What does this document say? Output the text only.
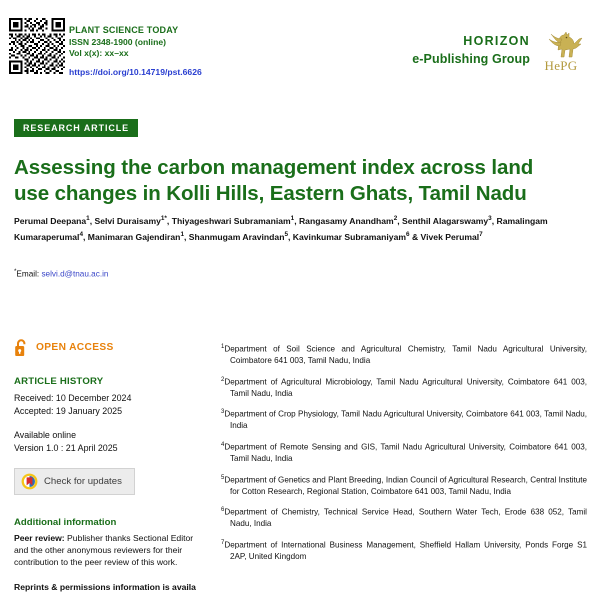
PLANT SCIENCE TODAY
ISSN 2348-1900 (online)
Vol x(x): xx–xx
https://doi.org/10.14719/pst.6626
HORIZON
e-Publishing Group	HePG
RESEARCH ARTICLE
Assessing the carbon management index across land use changes in Kolli Hills, Eastern Ghats, Tamil Nadu
Perumal Deepana$^1$, Selvi Duraisamy$^{1*}$, Thiyageshwari Subramaniam$^1$, Rangasamy Anandham$^2$, Senthil Alagarswamy$^3$, Ramalingam Kumaraperumal$^4$, Manimaran Gajendiran$^1$, Shanmugam Aravindan$^5$, Kavinkumar Subramaniyam$^6$ & Vivek Perumal$^7$
*Email: selvi.d@tnau.ac.in
OPEN ACCESS
ARTICLE HISTORY
Received: 10 December 2024
Accepted: 19 January 2025
Available online
Version 1.0 : 21 April 2025
Check for updates
Additional information
Peer review: Publisher thanks Sectional Editor and the other anonymous reviewers for their contribution to the peer review of this work.
Reprints & permissions information is availa
$^1$Department of Soil Science and Agricultural Chemistry, Tamil Nadu Agricultural University, Coimbatore 641 003, Tamil Nadu, India
$^2$Department of Agricultural Microbiology, Tamil Nadu Agricultural University, Coimbatore 641 003, Tamil Nadu, India
$^3$Department of Crop Physiology, Tamil Nadu Agricultural University, Coimbatore 641 003, Tamil Nadu, India
$^4$Department of Remote Sensing and GIS, Tamil Nadu Agricultural University, Coimbatore 641 003, Tamil Nadu, India
$^5$Department of Genetics and Plant Breeding, Indian Council of Agricultural Research, Central Institute for Cotton Research, Regional Station, Coimbatore 641 003, Tamil Nadu, India
$^6$Department of Chemistry, Technical Service Head, Southern Water Tech, Erode 638 052, Tamil Nadu, India
$^7$Department of International Business Management, Sheffield Hallam University, Ponds Forge S1 2AP, United Kingdom
